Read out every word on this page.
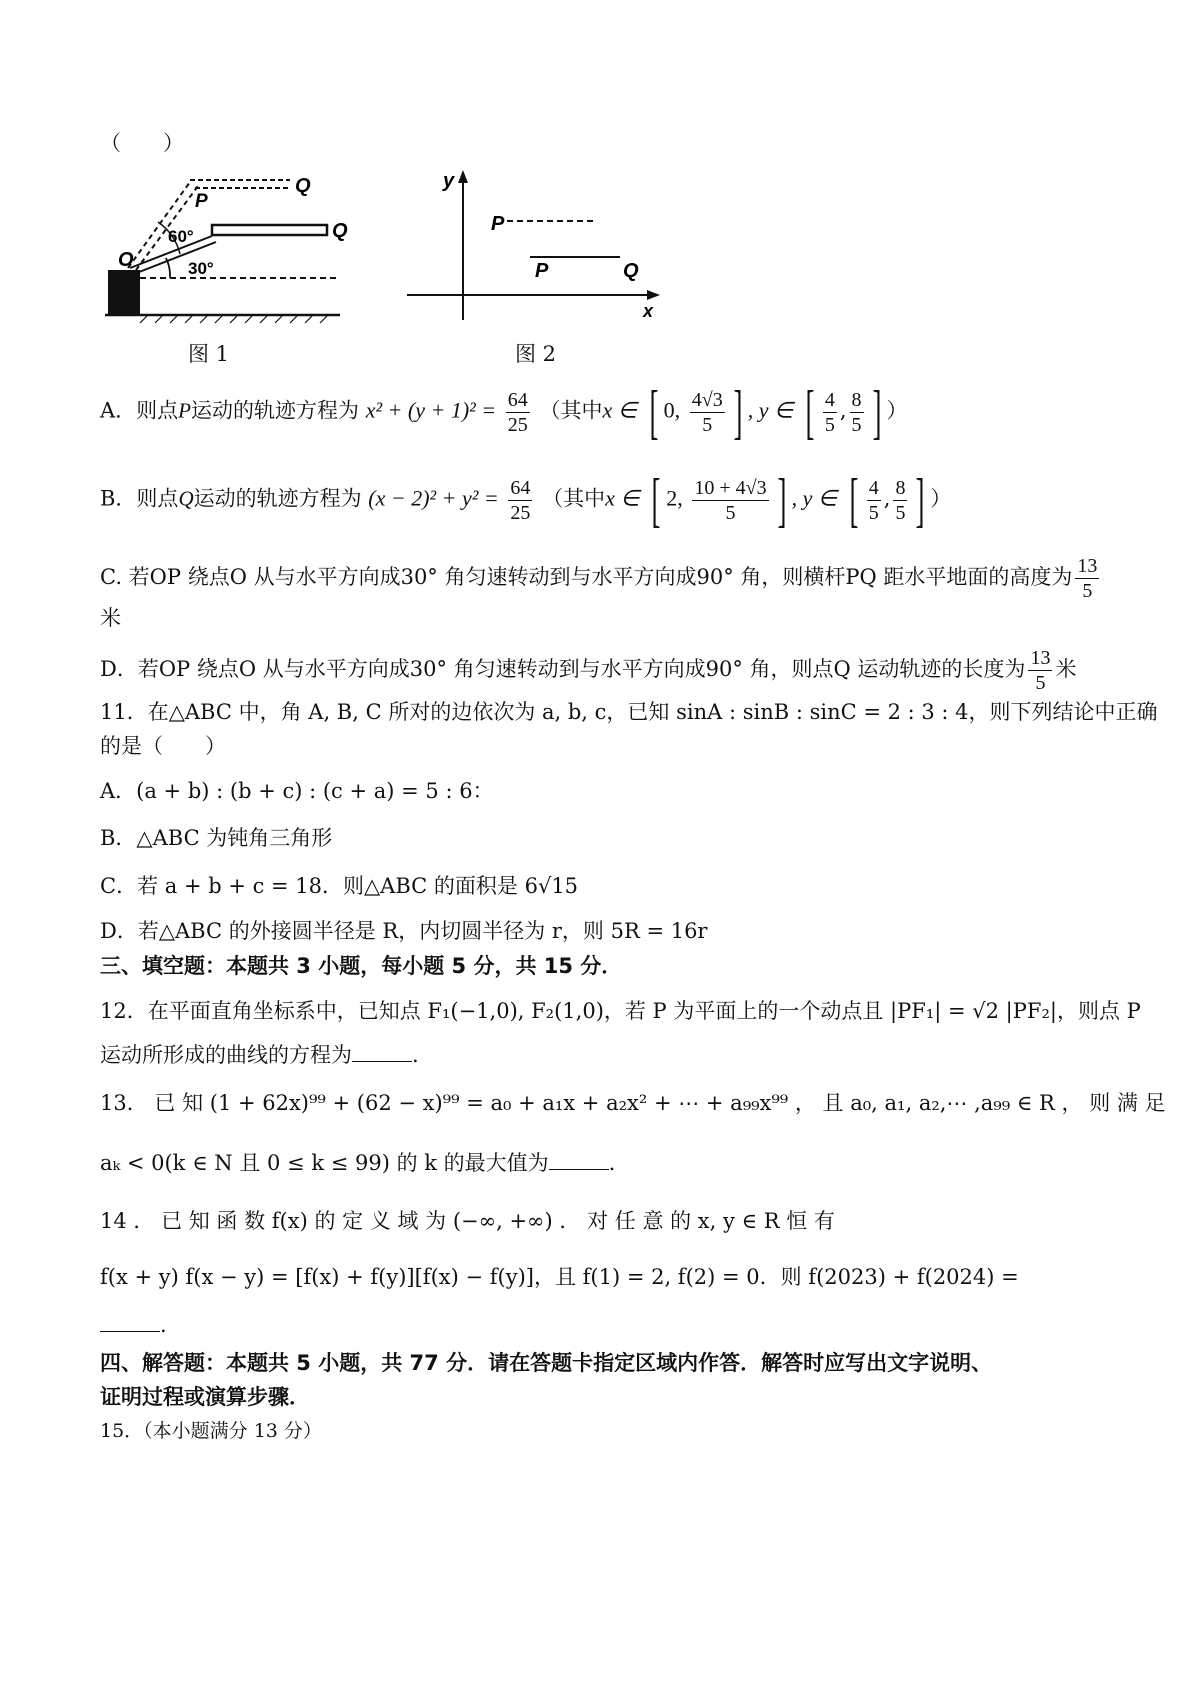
（　　）
Q
P
Q
O
60°
30°
图 1
y
x
P
P	Q
图 2
A．则点P运动的轨迹方程为 $x^2 + (y + 1)^2 = \frac{64}{25}$ （其中x ∈ [ 0, $\frac{4√3}{5}$ ] , y ∈ [ $\frac{4}{5}$ , $\frac{8}{5}$ ] ）
B．则点Q运动的轨迹方程为 $(x - 2)^2 + y^2 = \frac{64}{25}$ （其中x ∈ [ 2, $\frac{10 + 4√3}{5}$ ] , y ∈ [ $\frac{4}{5}$ , $\frac{8}{5}$ ] ）
C. 若OP 绕点O 从与水平方向成30° 角匀速转动到与水平方向成90° 角，则横杆PQ 距水平地面的高度为 $\frac{13}{5}$
米
D．若OP 绕点O 从与水平方向成30° 角匀速转动到与水平方向成90° 角，则点Q 运动轨迹的长度为 $\frac{13}{5}$ 米
11．在△ABC 中，角 A, B, C 所对的边依次为 a, b, c，已知 sinA : sinB : sinC = 2 : 3 : 4，则下列结论中正确
的是（　　）
A．(a + b) : (b + c) : (c + a) = 5 : 6：
B．△ABC 为钝角三角形
C．若 a + b + c = 18．则△ABC 的面积是 6√15
D．若△ABC 的外接圆半径是 R，内切圆半径为 r，则 5R = 16r
三、填空题：本题共 3 小题，每小题 5 分，共 15 分．
12．在平面直角坐标系中，已知点 F₁(−1,0), F₂(1,0)，若 P 为平面上的一个动点且 |PF₁| = √2 |PF₂|，则点 P
运动所形成的曲线的方程为	.
13． 已 知 (1 + 62x)⁹⁹ + (62 − x)⁹⁹ = a₀ + a₁x + a₂x² + ⋯ + a₉₉x⁹⁹ ， 且 a₀, a₁, a₂,⋯ ,a₉₉ ∈ R ， 则 满 足
aₖ < 0(k ∈ N 且 0 ≤ k ≤ 99) 的 k 的最大值为	.
14 ． 已 知 函 数 f(x) 的 定 义 域 为 (−∞, +∞) ． 对 任 意 的 x, y ∈ R 恒 有
f(x + y) f(x − y) = [f(x) + f(y)][f(x) − f(y)]，且 f(1) = 2, f(2) = 0．则 f(2023) + f(2024) =
.
四、解答题：本题共 5 小题，共 77 分．请在答题卡指定区域内作答．解答时应写出文字说明、
证明过程或演算步骤．
15．（本小题满分 13 分）
